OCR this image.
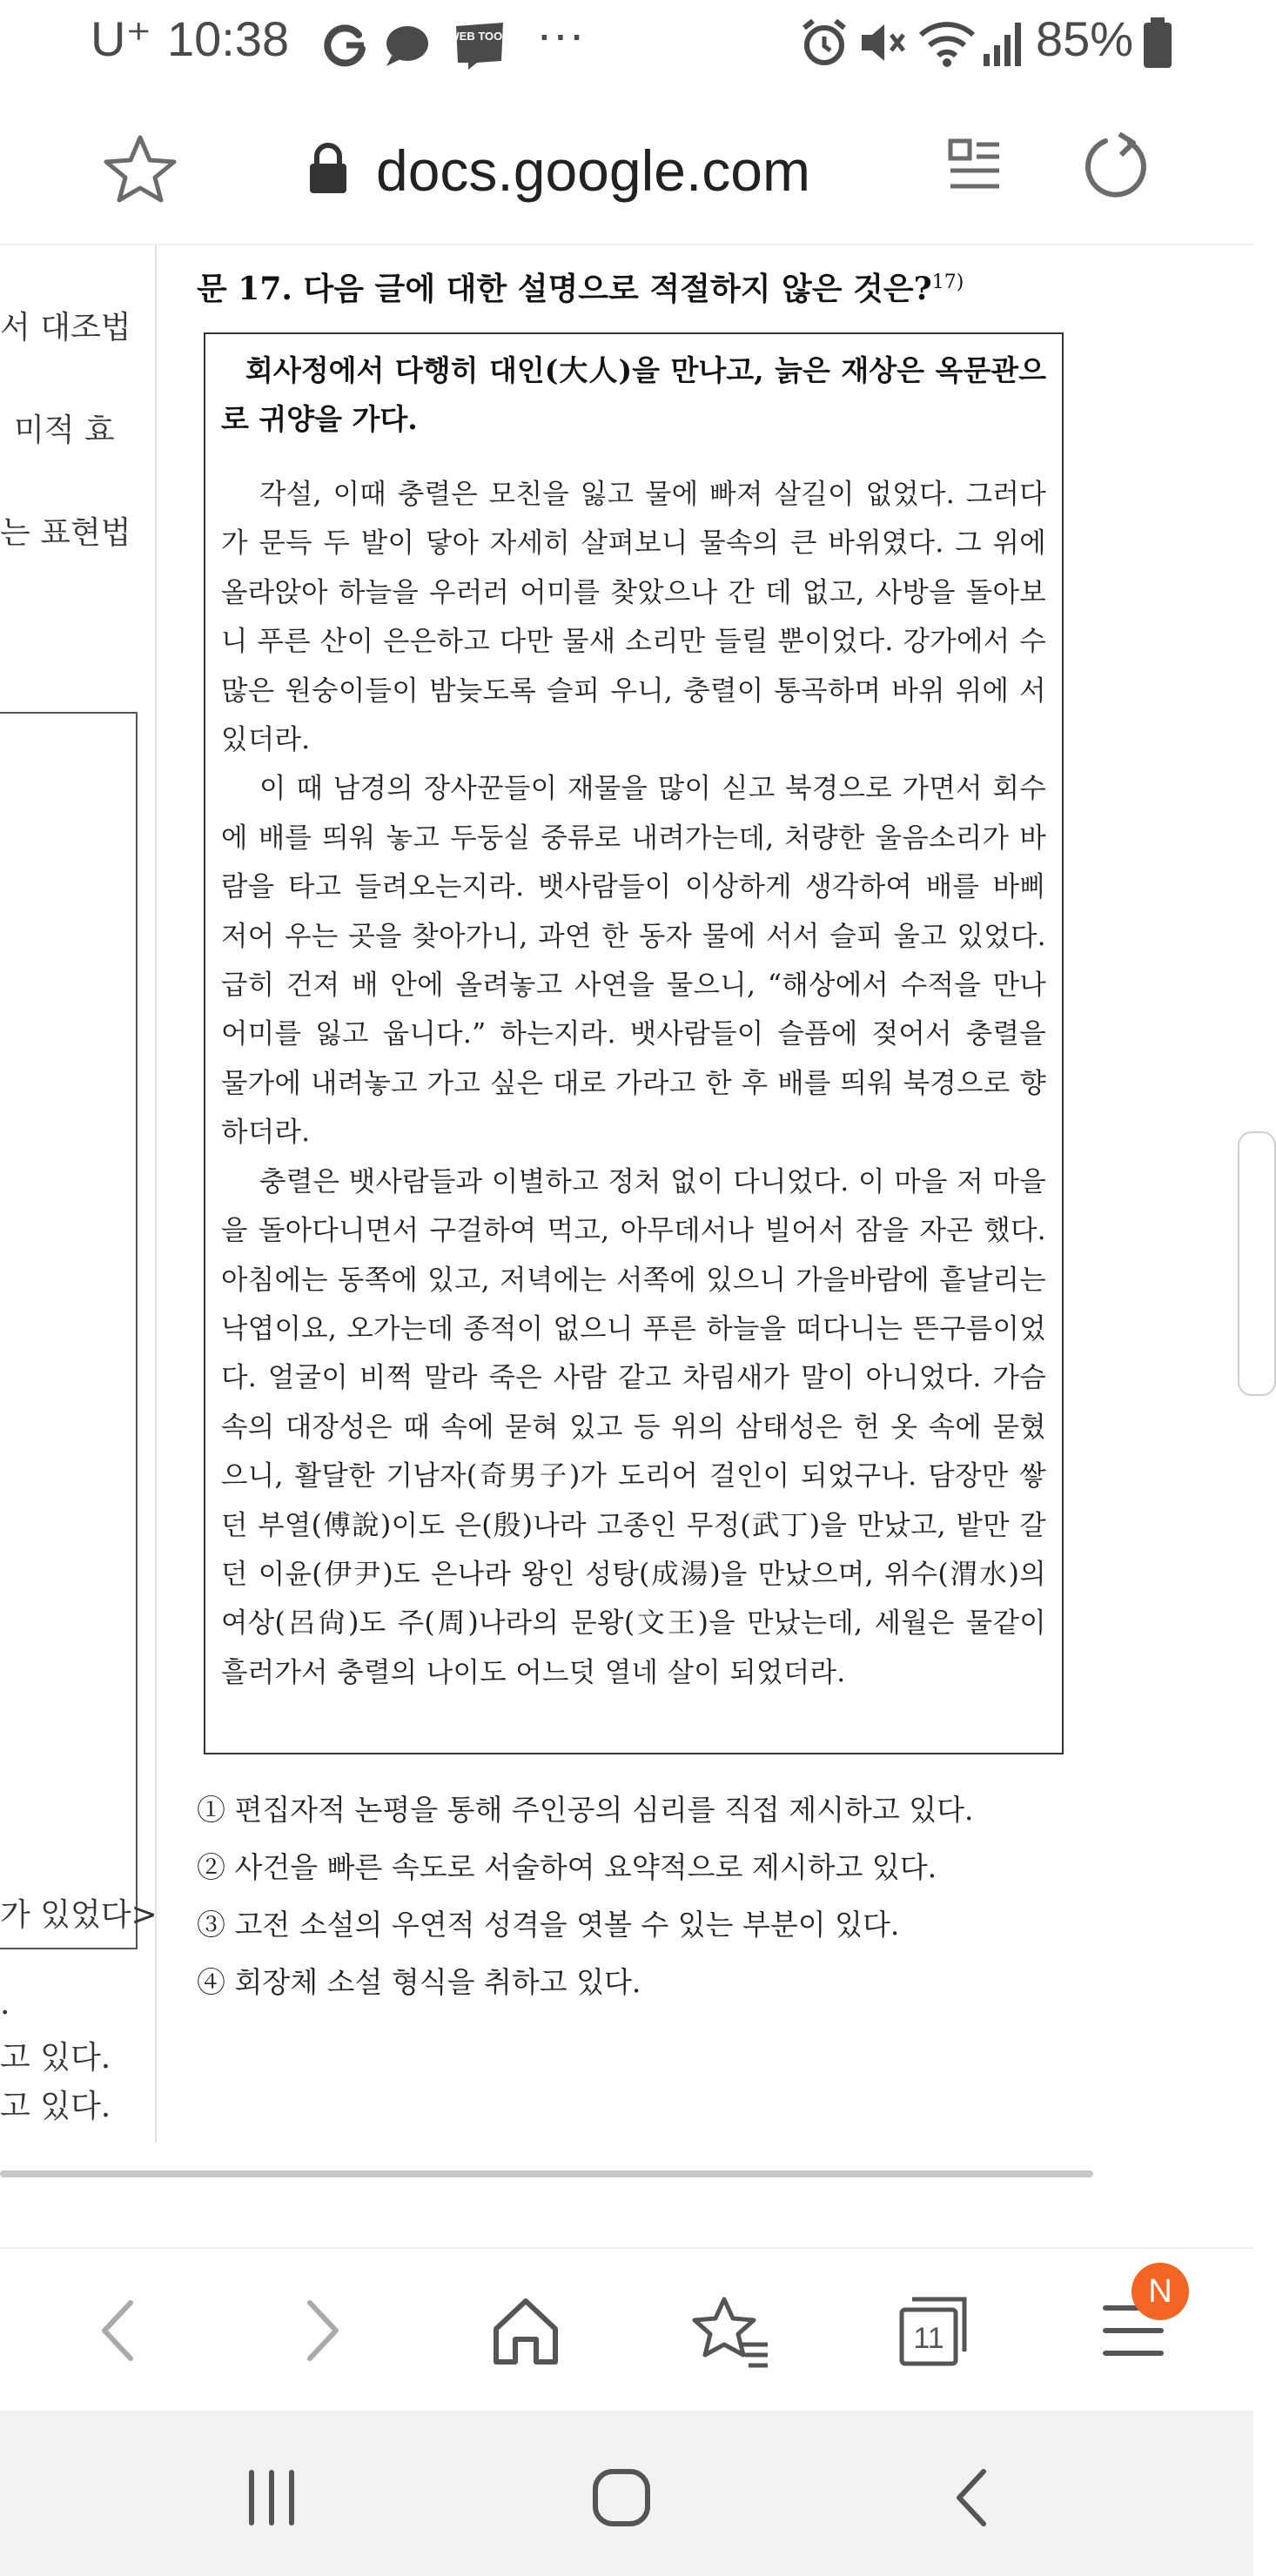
U⁺ 10:38	WEB TOON ···	85%
docs.google.com
서 대조법
미적 효
는 표현법
가 있었다>
.
고 있다.
고 있다.
문 17. 다음 글에 대한 설명으로 적절하지 않은 것은?$^{17)}$

회사정에서 다행히 대인(大人)을 만나고, 늙은 재상은 옥문관으로 귀양을 가다.

각설, 이때 충렬은 모친을 잃고 물에 빠져 살길이 없었다. 그러다가 문득 두 발이 닿아 자세히 살펴보니 물속의 큰 바위였다. 그 위에 올라앉아 하늘을 우러러 어미를 찾았으나 간 데 없고, 사방을 돌아보니 푸른 산이 은은하고 다만 물새 소리만 들릴 뿐이었다. 강가에서 수많은 원숭이들이 밤늦도록 슬피 우니, 충렬이 통곡하며 바위 위에 서 있더라.

이 때 남경의 장사꾼들이 재물을 많이 싣고 북경으로 가면서 회수에 배를 띄워 놓고 두둥실 중류로 내려가는데, 처량한 울음소리가 바람을 타고 들려오는지라. 뱃사람들이 이상하게 생각하여 배를 바삐 저어 우는 곳을 찾아가니, 과연 한 동자 물에 서서 슬피 울고 있었다. 급히 건져 배 안에 올려놓고 사연을 물으니, “해상에서 수적을 만나 어미를 잃고 웁니다.” 하는지라. 뱃사람들이 슬픔에 젖어서 충렬을 물가에 내려놓고 가고 싶은 대로 가라고 한 후 배를 띄워 북경으로 향하더라.

충렬은 뱃사람들과 이별하고 정처 없이 다니었다. 이 마을 저 마을을 돌아다니면서 구걸하여 먹고, 아무데서나 빌어서 잠을 자곤 했다. 아침에는 동쪽에 있고, 저녁에는 서쪽에 있으니 가을바람에 흩날리는 낙엽이요, 오가는데 종적이 없으니 푸른 하늘을 떠다니는 뜬구름이었다. 얼굴이 비쩍 말라 죽은 사람 같고 차림새가 말이 아니었다. 가슴 속의 대장성은 때 속에 묻혀 있고 등 위의 삼태성은 헌 옷 속에 묻혔으니, 활달한 기남자(奇男子)가 도리어 걸인이 되었구나. 담장만 쌓던 부열(傅說)이도 은(殷)나라 고종인 무정(武丁)을 만났고, 밭만 갈던 이윤(伊尹)도 은나라 왕인 성탕(成湯)을 만났으며, 위수(渭水)의 여상(呂尙)도 주(周)나라의 문왕(文王)을 만났는데, 세월은 물같이 흘러가서 충렬의 나이도 어느덧 열네 살이 되었더라.

① 편집자적 논평을 통해 주인공의 심리를 직접 제시하고 있다.
② 사건을 빠른 속도로 서술하여 요약적으로 제시하고 있다.
③ 고전 소설의 우연적 성격을 엿볼 수 있는 부분이 있다.
④ 회장체 소설 형식을 취하고 있다.
11
N
